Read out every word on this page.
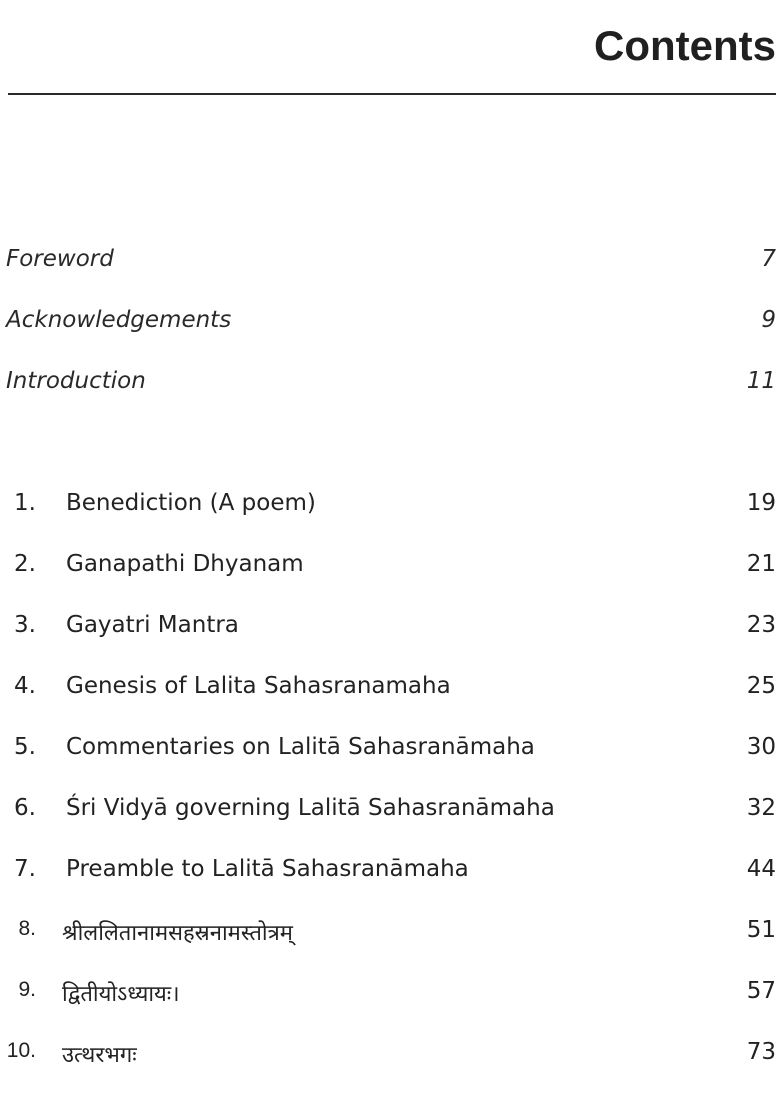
Contents
Foreword	7
Acknowledgements	9
Introduction	11
1. Benediction (A poem)	19
2. Ganapathi Dhyanam	21
3. Gayatri Mantra	23
4. Genesis of Lalita Sahasranamaha	25
5. Commentaries on Lalitā Sahasranāmaha	30
6. Śri Vidyā governing Lalitā Sahasranāmaha	32
7. Preamble to Lalitā Sahasranāmaha	44
8. श्रीललितानामसहस्रनामस्तोत्रम्	51
9. द्वितीयोऽध्यायः।	57
10. उत्थरभगः	73
